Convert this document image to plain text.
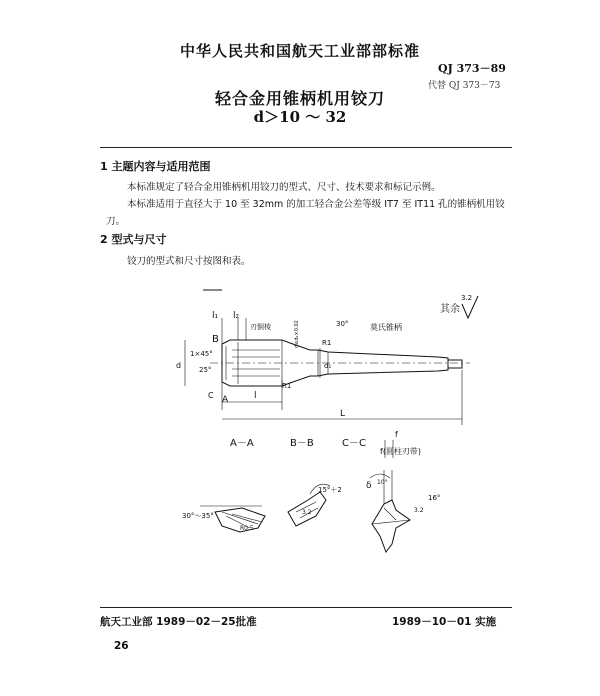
中华人民共和国航天工业部部标准
QJ 373－89
代替 QJ 373－73
轻合金用锥柄机用铰刀
d＞10 ～ 32
1 主题内容与适用范围
本标准规定了轻合金用锥柄机用铰刀的型式、尺寸、技术要求和标记示例。
本标准适用于直径大于 10 至 32mm 的加工轻合金公差等级 IT7 至 IT11 孔的锥柄机用铰
刀。
2 型式与尺寸
铰刀的型式和尺寸按图和表。
其余
3.2
l₁ l₂
B
A
C
1×45°
d
刃倒棱	30°	莫氏锥柄
R1
R1
d₁
25°
l
L
d≤d₁×0.02
A－A	B－B	C－C
f
f(圆柱刃带)
30°～35°
R0.5
15°＋2
3.2
δ 10°
16°
3.2
航天工业部 1989－02－25批准	1989－10－01 实施
26
